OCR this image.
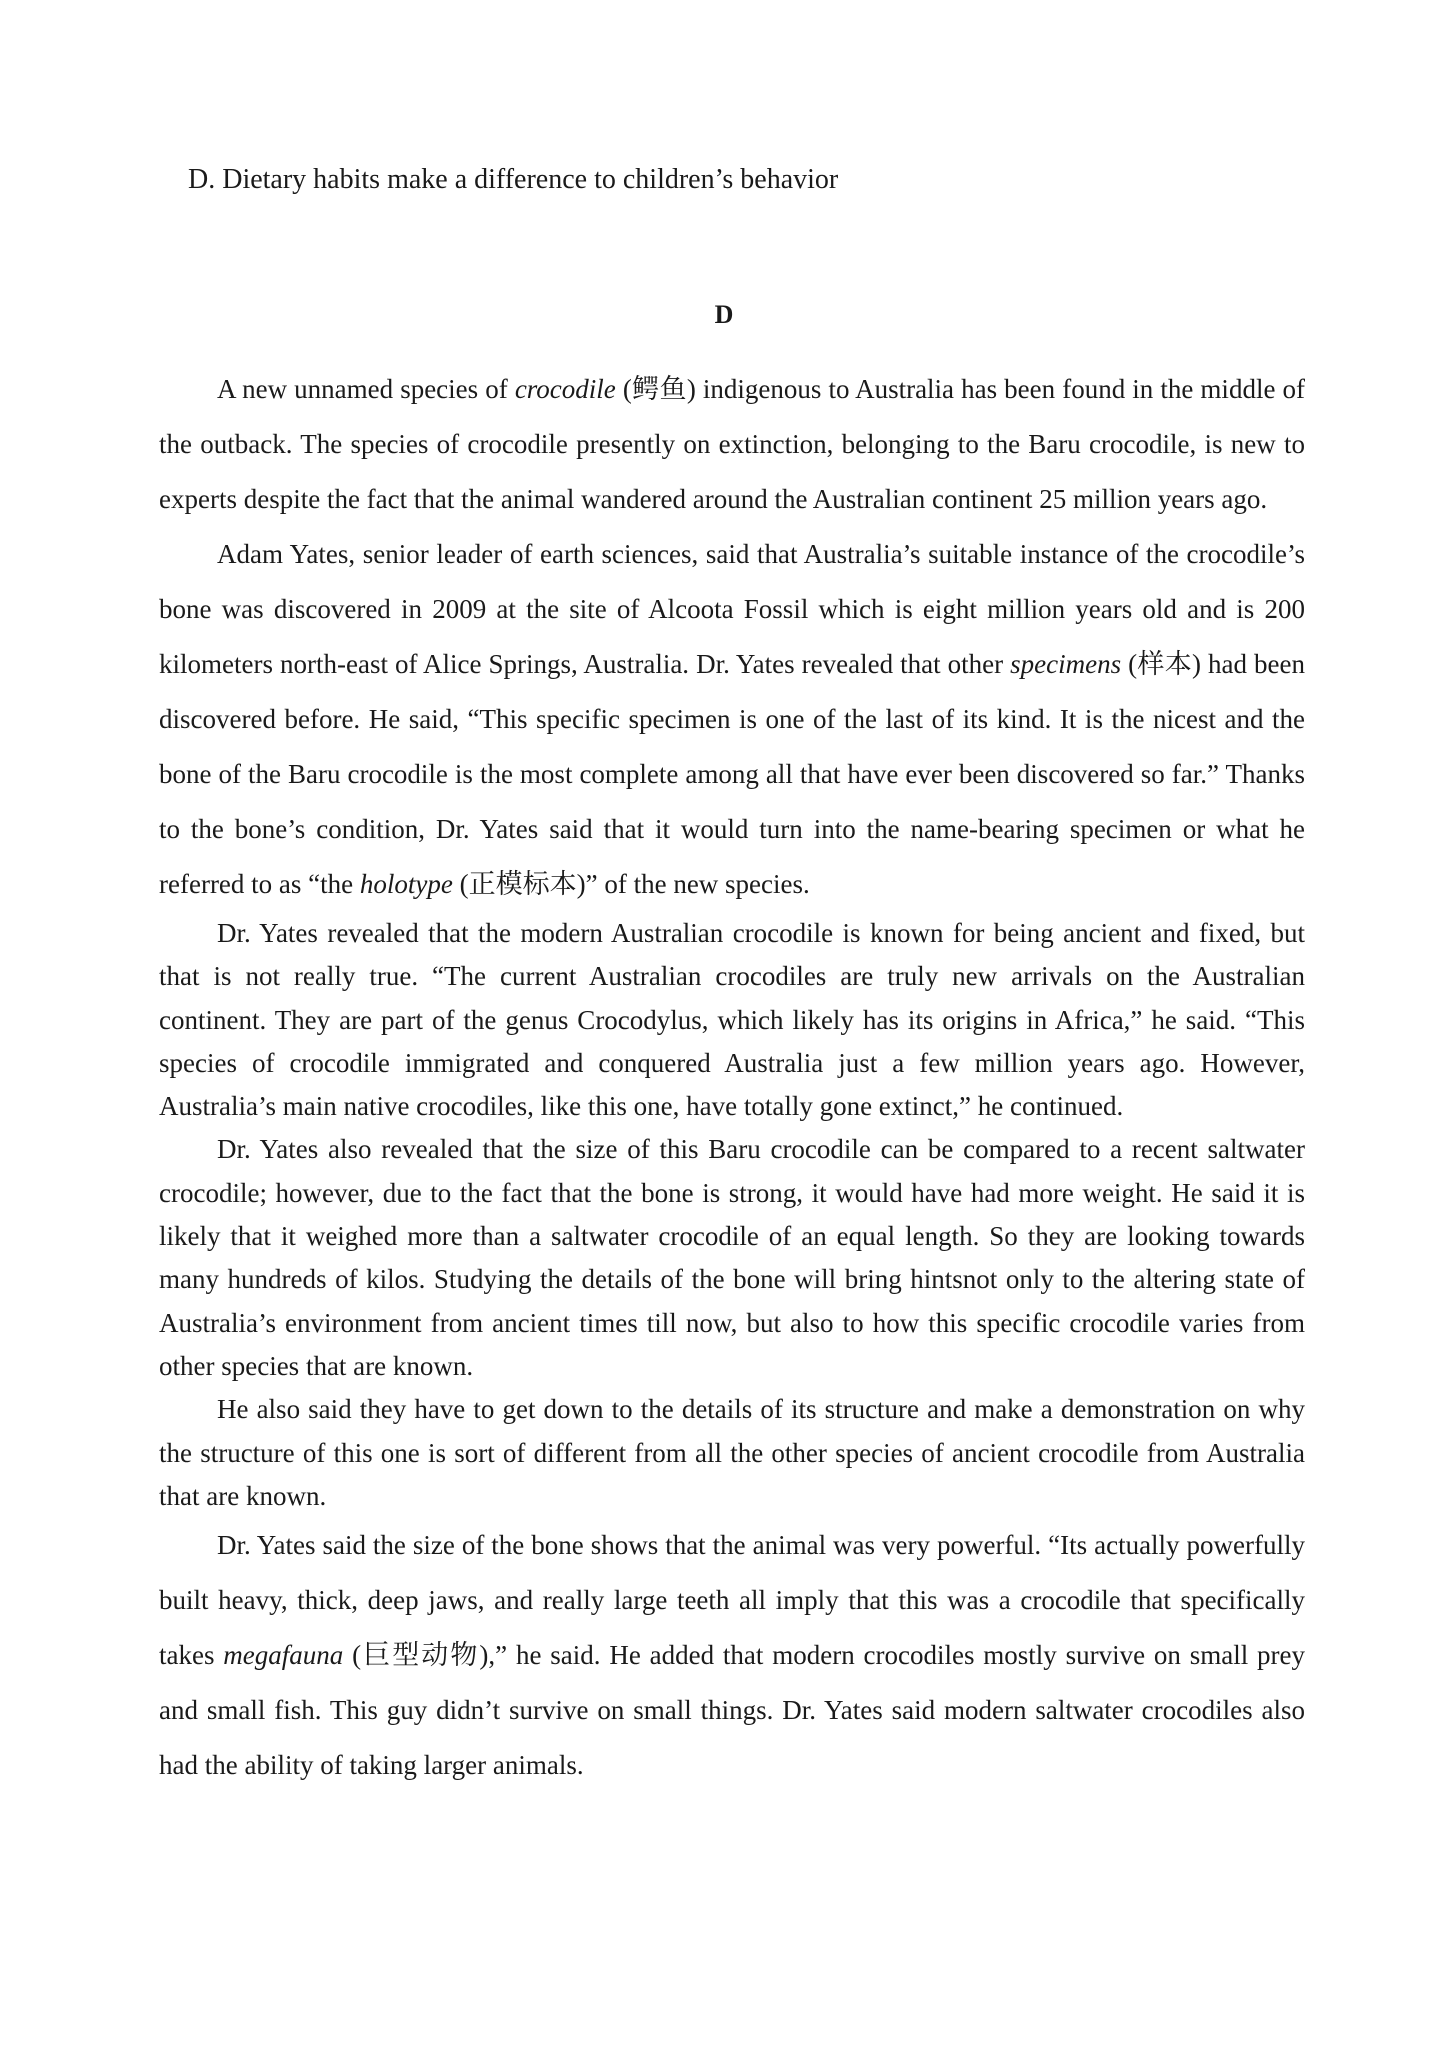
D. Dietary habits make a difference to children’s behavior
D

A new unnamed species of crocodile (鳄鱼) indigenous to Australia has been found in the middle of the outback. The species of crocodile presently on extinction, belonging to the Baru crocodile, is new to experts despite the fact that the animal wandered around the Australian continent 25 million years ago.

Adam Yates, senior leader of earth sciences, said that Australia’s suitable instance of the crocodile’s bone was discovered in 2009 at the site of Alcoota Fossil which is eight million years old and is 200 kilometers north-east of Alice Springs, Australia. Dr. Yates revealed that other specimens (样本) had been discovered before. He said, “This specific specimen is one of the last of its kind. It is the nicest and the bone of the Baru crocodile is the most complete among all that have ever been discovered so far.” Thanks to the bone’s condition, Dr. Yates said that it would turn into the name-bearing specimen or what he referred to as “the holotype (正模标本)” of the new species.

Dr. Yates revealed that the modern Australian crocodile is known for being ancient and fixed, but that is not really true. “The current Australian crocodiles are truly new arrivals on the Australian continent. They are part of the genus Crocodylus, which likely has its origins in Africa,” he said. “This species of crocodile immigrated and conquered Australia just a few million years ago. However, Australia’s main native crocodiles, like this one, have totally gone extinct,” he continued.

Dr. Yates also revealed that the size of this Baru crocodile can be compared to a recent saltwater crocodile; however, due to the fact that the bone is strong, it would have had more weight. He said it is likely that it weighed more than a saltwater crocodile of an equal length. So they are looking towards many hundreds of kilos. Studying the details of the bone will bring hintsnot only to the altering state of Australia’s environment from ancient times till now, but also to how this specific crocodile varies from other species that are known.

He also said they have to get down to the details of its structure and make a demonstration on why the structure of this one is sort of different from all the other species of ancient crocodile from Australia that are known.

Dr. Yates said the size of the bone shows that the animal was very powerful. “Its actually powerfully built heavy, thick, deep jaws, and really large teeth all imply that this was a crocodile that specifically takes megafauna (巨型动物),” he said. He added that modern crocodiles mostly survive on small prey and small fish. This guy didn’t survive on small things. Dr. Yates said modern saltwater crocodiles also had the ability of taking larger animals.
